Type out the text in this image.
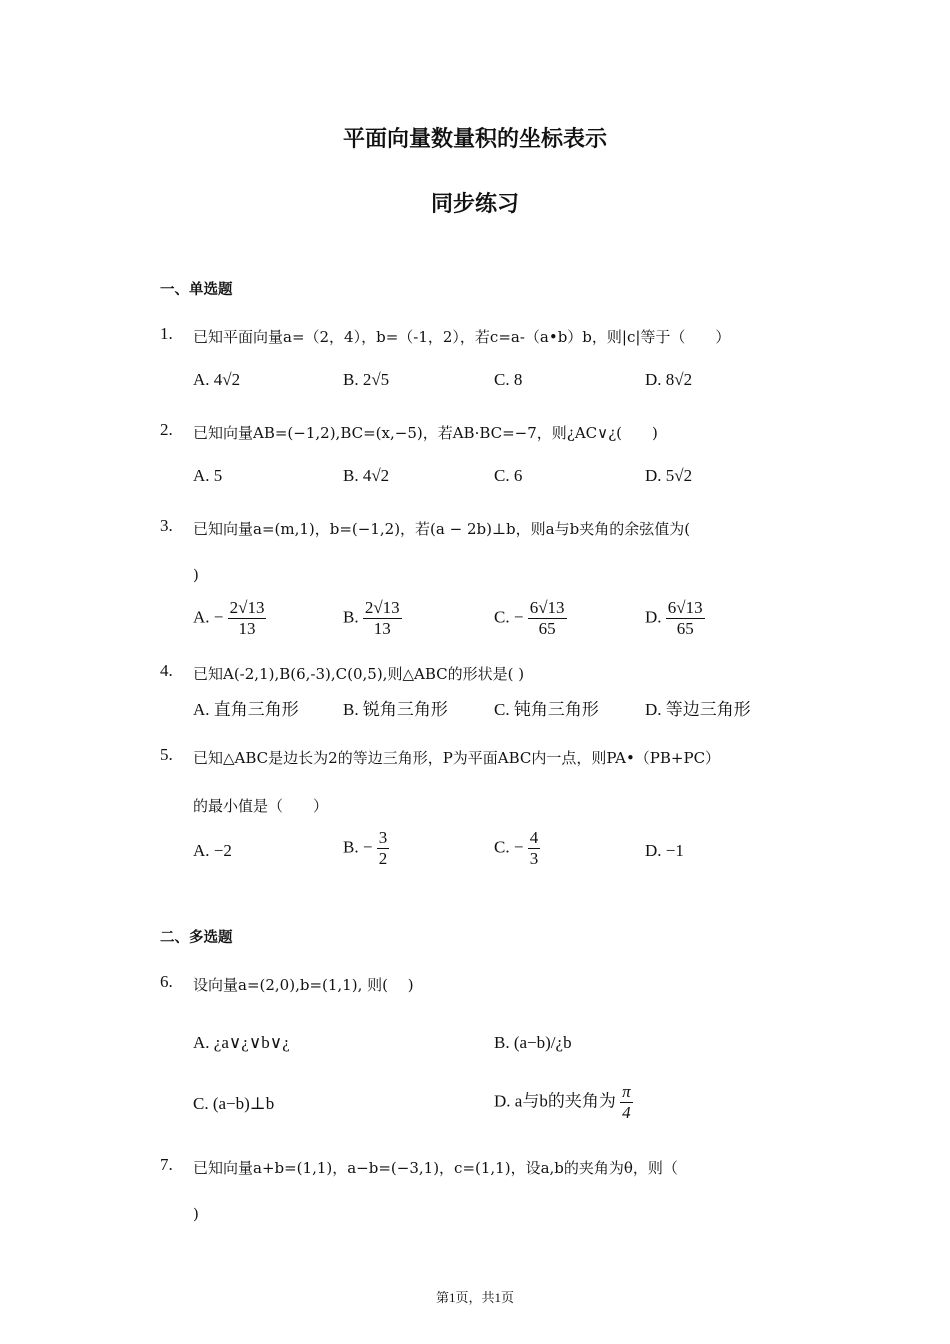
平面向量数量积的坐标表示
同步练习
一、单选题
1. 已知平面向量a=（2，4），b=（-1，2），若c=a-（a•b）b，则|c|等于（　　）
A. 4√2	B. 2√5	C. 8	D. 8√2
2. 已知向量AB=(−1,2),BC=(x,−5)，若AB·BC=−7，则¿AC∨¿(　　)
A. 5	B. 4√2	C. 6	D. 5√2
3. 已知向量a=(m,1)，b=(−1,2)，若(a − 2b)⊥b，则a与b夹角的余弦值为(
)
A. − $\frac{2√13}{13}$	B. $\frac{2√13}{13}$	C. − $\frac{6√13}{65}$	D. $\frac{6√13}{65}$
4. 已知A(-2,1),B(6,-3),C(0,5),则△ABC的形状是( )
A. 直角三角形	B. 锐角三角形	C. 钝角三角形	D. 等边三角形
5. 已知△ABC是边长为2的等边三角形，P为平面ABC内一点，则PA•（PB+PC）
的最小值是（　　）
A. −2	B. − $\frac{3}{2}$	C. − $\frac{4}{3}$	D. −1
二、多选题
6. 设向量a=(2,0),b=(1,1), 则(　 )
A. ¿a∨¿∨b∨¿	B. (a−b)/¿b
C. (a−b)⊥b	D. a与b的夹角为 $\frac{\pi}{4}$
7. 已知向量a+b=(1,1)，a−b=(−3,1)，c=(1,1)，设a,b的夹角为θ，则（
)
第1页，共1页
